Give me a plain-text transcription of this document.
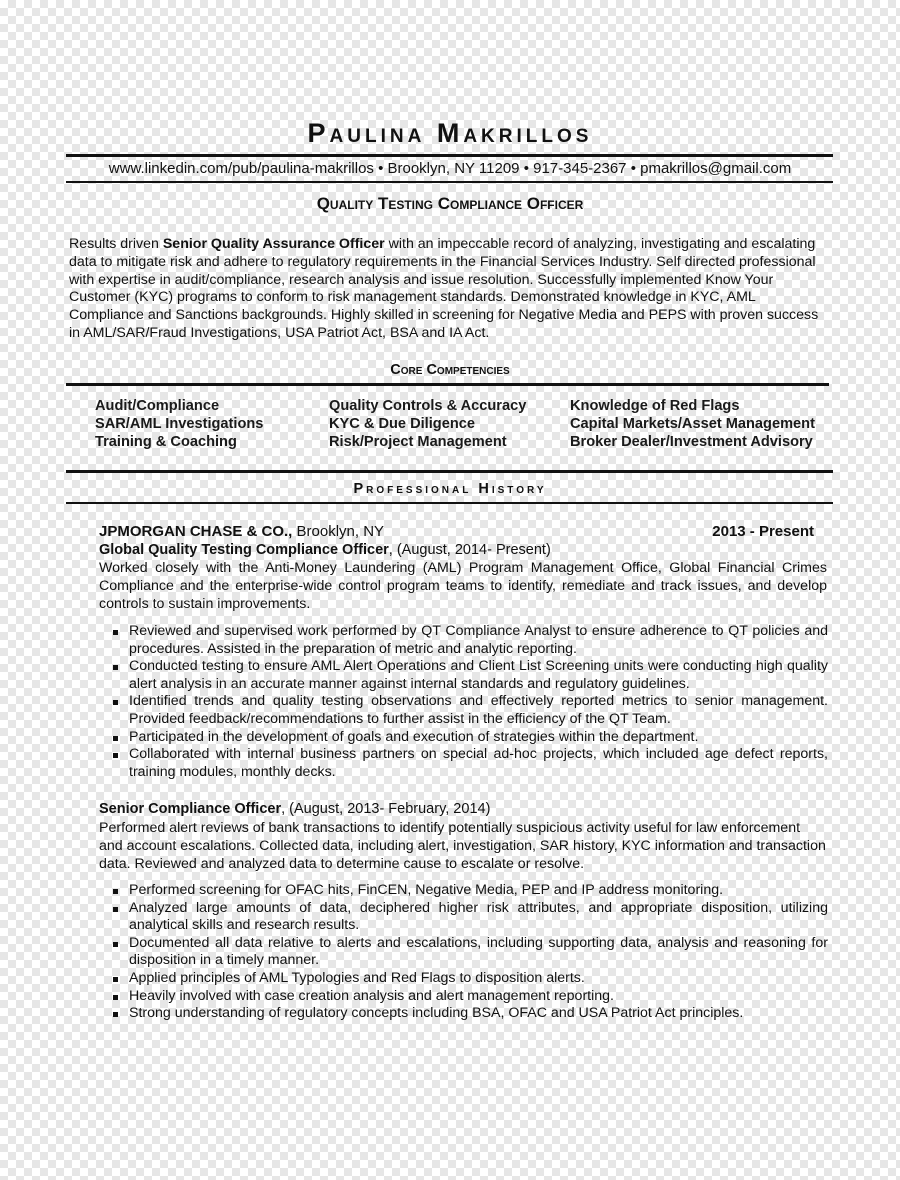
Paulina Makrillos
www.linkedin.com/pub/paulina-makrillos • Brooklyn, NY 11209 • 917-345-2367 • pmakrillos@gmail.com
Quality Testing Compliance Officer
Results driven Senior Quality Assurance Officer with an impeccable record of analyzing, investigating and escalating data to mitigate risk and adhere to regulatory requirements in the Financial Services Industry. Self directed professional with expertise in audit/compliance, research analysis and issue resolution. Successfully implemented Know Your Customer (KYC) programs to conform to risk management standards. Demonstrated knowledge in KYC, AML Compliance and Sanctions backgrounds. Highly skilled in screening for Negative Media and PEPS with proven success in AML/SAR/Fraud Investigations, USA Patriot Act, BSA and IA Act.
Core Competencies
Audit/Compliance
SAR/AML Investigations
Training & Coaching
Quality Controls & Accuracy
KYC & Due Diligence
Risk/Project Management
Knowledge of Red Flags
Capital Markets/Asset Management
Broker Dealer/Investment Advisory
Professional History
JPMORGAN CHASE & CO., Brooklyn, NY	2013 - Present
Global Quality Testing Compliance Officer, (August, 2014- Present)
Worked closely with the Anti-Money Laundering (AML) Program Management Office, Global Financial Crimes Compliance and the enterprise-wide control program teams to identify, remediate and track issues, and develop controls to sustain improvements.
Reviewed and supervised work performed by QT Compliance Analyst to ensure adherence to QT policies and procedures. Assisted in the preparation of metric and analytic reporting.
Conducted testing to ensure AML Alert Operations and Client List Screening units were conducting high quality alert analysis in an accurate manner against internal standards and regulatory guidelines.
Identified trends and quality testing observations and effectively reported metrics to senior management. Provided feedback/recommendations to further assist in the efficiency of the QT Team.
Participated in the development of goals and execution of strategies within the department.
Collaborated with internal business partners on special ad-hoc projects, which included age defect reports, training modules, monthly decks.
Senior Compliance Officer, (August, 2013- February, 2014)
Performed alert reviews of bank transactions to identify potentially suspicious activity useful for law enforcement and account escalations. Collected data, including alert, investigation, SAR history, KYC information and transaction data. Reviewed and analyzed data to determine cause to escalate or resolve.
Performed screening for OFAC hits, FinCEN, Negative Media, PEP and IP address monitoring.
Analyzed large amounts of data, deciphered higher risk attributes, and appropriate disposition, utilizing analytical skills and research results.
Documented all data relative to alerts and escalations, including supporting data, analysis and reasoning for disposition in a timely manner.
Applied principles of AML Typologies and Red Flags to disposition alerts.
Heavily involved with case creation analysis and alert management reporting.
Strong understanding of regulatory concepts including BSA, OFAC and USA Patriot Act principles.
